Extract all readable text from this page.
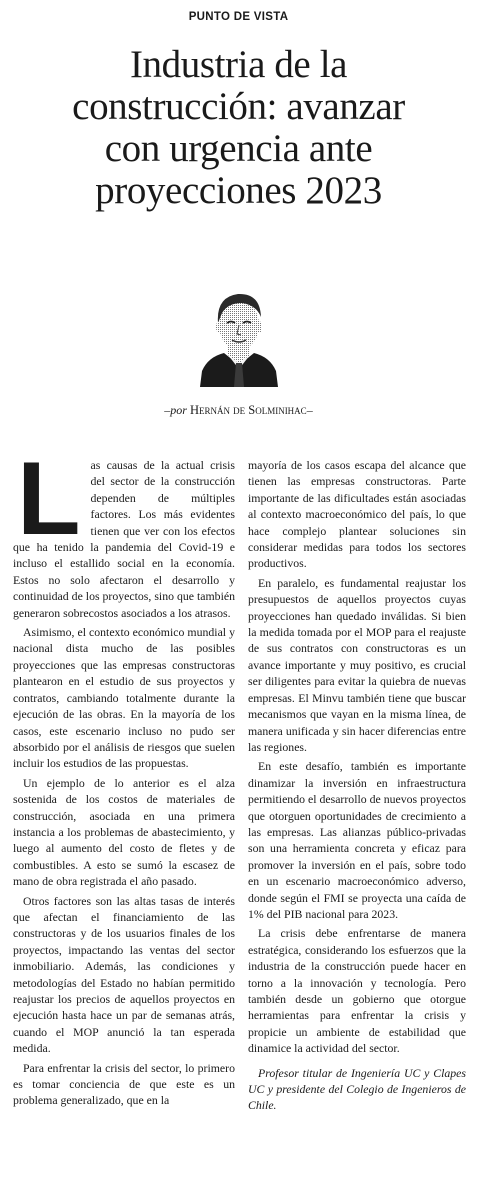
PUNTO DE VISTA
Industria de la
construcción: avanzar
con urgencia ante
proyecciones 2023
–por Hernán de Solminihac–
L as causas de la actual crisis del sector de la construcción dependen de múltiples factores. Los más evidentes tienen que ver con los efectos que ha tenido la pandemia del Covid-19 e incluso el estallido social en la economía. Estos no solo afectaron el desarrollo y continuidad de los proyectos, sino que también generaron sobrecostos asociados a los atrasos.

Asimismo, el contexto económico mundial y nacional dista mucho de las posibles proyecciones que las empresas constructoras plantearon en el estudio de sus proyectos y contratos, cambiando totalmente durante la ejecución de las obras. En la mayoría de los casos, este escenario incluso no pudo ser absorbido por el análisis de riesgos que suelen incluir los estudios de las propuestas.

Un ejemplo de lo anterior es el alza sostenida de los costos de materiales de construcción, asociada en una primera instancia a los problemas de abastecimiento, y luego al aumento del costo de fletes y de combustibles. A esto se sumó la escasez de mano de obra registrada el año pasado.

Otros factores son las altas tasas de interés que afectan el financiamiento de las constructoras y de los usuarios finales de los proyectos, impactando las ventas del sector inmobiliario. Además, las condiciones y metodologías del Estado no habían permitido reajustar los precios de aquellos proyectos en ejecución hasta hace un par de semanas atrás, cuando el MOP anunció la tan esperada medida.

Para enfrentar la crisis del sector, lo primero es tomar conciencia de que este es un problema generalizado, que en la

mayoría de los casos escapa del alcance que tienen las empresas constructoras. Parte importante de las dificultades están asociadas al contexto macroeconómico del país, lo que hace complejo plantear soluciones sin considerar medidas para todos los sectores productivos.

En paralelo, es fundamental reajustar los presupuestos de aquellos proyectos cuyas proyecciones han quedado inválidas. Si bien la medida tomada por el MOP para el reajuste de sus contratos con constructoras es un avance importante y muy positivo, es crucial ser diligentes para evitar la quiebra de nuevas empresas. El Minvu también tiene que buscar mecanismos que vayan en la misma línea, de manera unificada y sin hacer diferencias entre las regiones.

En este desafío, también es importante dinamizar la inversión en infraestructura permitiendo el desarrollo de nuevos proyectos que otorguen oportunidades de crecimiento a las empresas. Las alianzas público-privadas son una herramienta concreta y eficaz para promover la inversión en el país, sobre todo en un escenario macroeconómico adverso, donde según el FMI se proyecta una caída de 1% del PIB nacional para 2023.

La crisis debe enfrentarse de manera estratégica, considerando los esfuerzos que la industria de la construcción puede hacer en torno a la innovación y tecnología. Pero también desde un gobierno que otorgue herramientas para enfrentar la crisis y propicie un ambiente de estabilidad que dinamice la actividad del sector.

Profesor titular de Ingeniería UC y Clapes UC y presidente del Colegio de Ingenieros de Chile.
